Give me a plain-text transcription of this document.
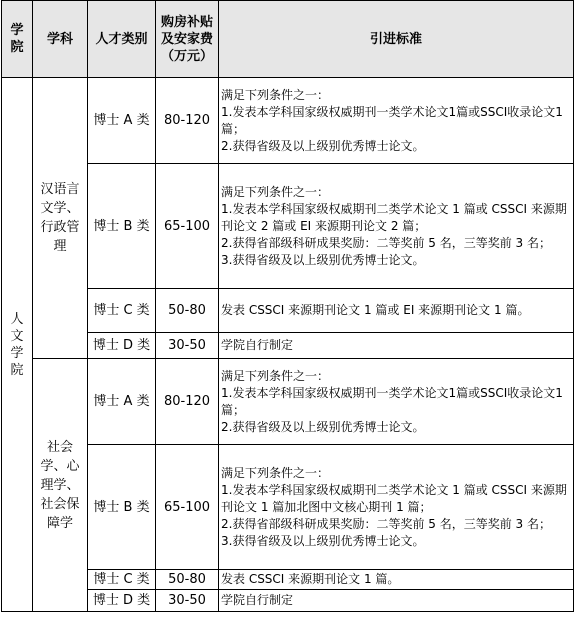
学院	学科	人才类别	购房补贴及安家费（万元）	引进标准
人文学院	汉语言文学、行政管理	博士 A 类	80-120	满足下列条件之一：
1.发表本学科国家级权威期刊一类学术论文1篇或SSCI收录论文1篇；
2.获得省级及以上级别优秀博士论文。

		博士 B 类	65-100	满足下列条件之一：
1.发表本学科国家级权威期刊二类学术论文 1 篇或 CSSCI 来源期刊论文 2 篇或 EI 来源期刊论文 2 篇；
2.获得省部级科研成果奖励：二等奖前 5 名，三等奖前 3 名；
3.获得省级及以上级别优秀博士论文。

		博士 C 类	50-80	发表 CSSCI 来源期刊论文 1 篇或 EI 来源期刊论文 1 篇。

		博士 D 类	30-50	学院自行制定

	社会学、心理学、社会保障学	博士 A 类	80-120	满足下列条件之一：
1.发表本学科国家级权威期刊一类学术论文1篇或SSCI收录论文1篇；
2.获得省级及以上级别优秀博士论文。

		博士 B 类	65-100	满足下列条件之一：
1.发表本学科国家级权威期刊二类学术论文 1 篇或 CSSCI 来源期刊论文 1 篇加北图中文核心期刊 1 篇；
2.获得省部级科研成果奖励：二等奖前 5 名，三等奖前 3 名；
3.获得省级及以上级别优秀博士论文。

		博士 C 类	50-80	发表 CSSCI 来源期刊论文 1 篇。

		博士 D 类	30-50	学院自行制定
